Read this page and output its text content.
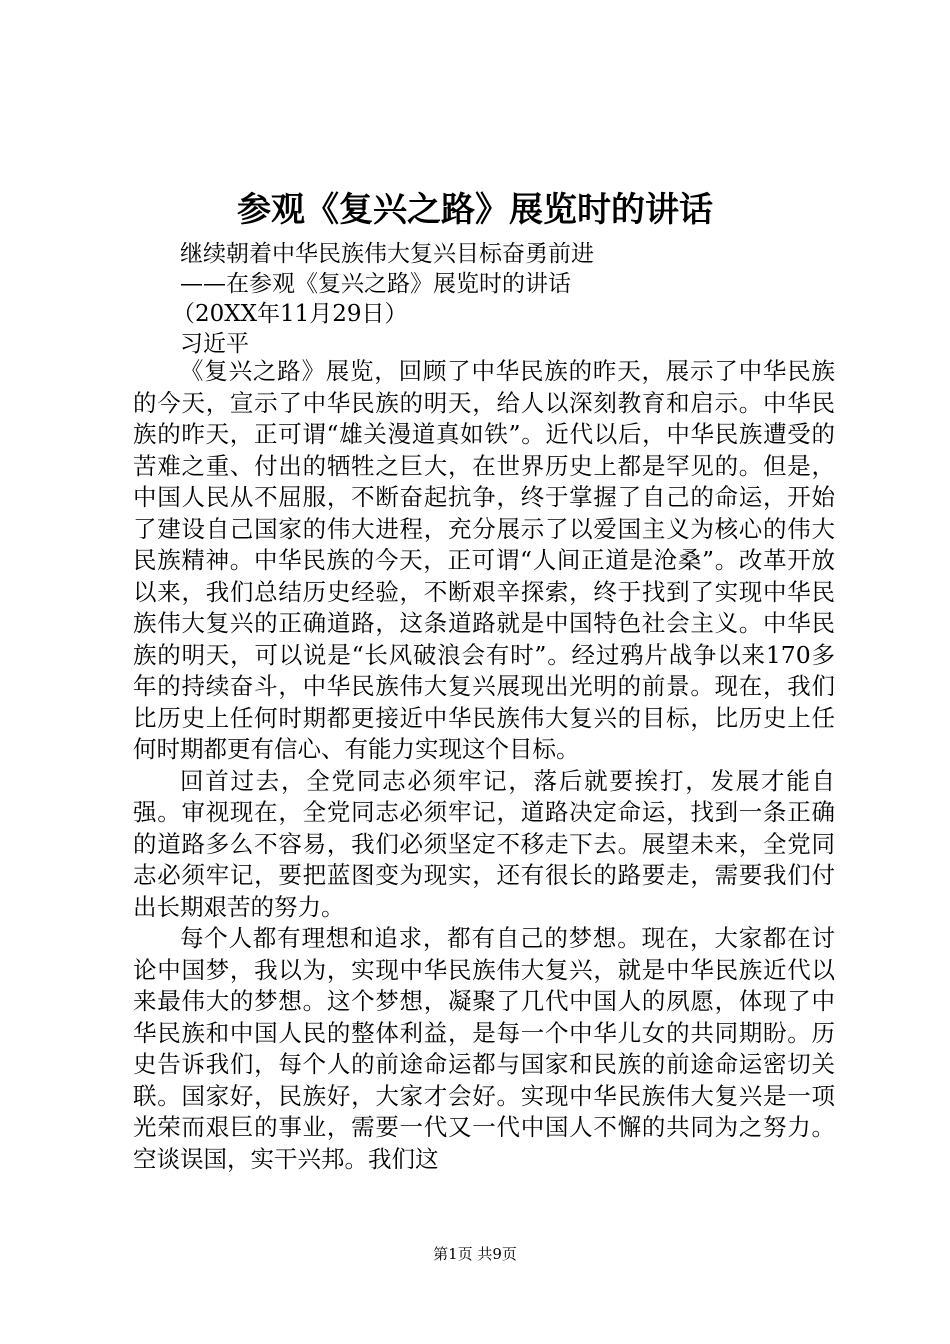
参观《复兴之路》展览时的讲话
继续朝着中华民族伟大复兴目标奋勇前进
——在参观《复兴之路》展览时的讲话
（20XX年11月29日）
习近平

《复兴之路》展览，回顾了中华民族的昨天，展示了中华民族的今天，宣示了中华民族的明天，给人以深刻教育和启示。中华民族的昨天，正可谓“雄关漫道真如铁”。近代以后，中华民族遭受的苦难之重、付出的牺牲之巨大，在世界历史上都是罕见的。但是，中国人民从不屈服，不断奋起抗争，终于掌握了自己的命运，开始了建设自己国家的伟大进程，充分展示了以爱国主义为核心的伟大民族精神。中华民族的今天，正可谓“人间正道是沧桑”。改革开放以来，我们总结历史经验，不断艰辛探索，终于找到了实现中华民族伟大复兴的正确道路，这条道路就是中国特色社会主义。中华民族的明天，可以说是“长风破浪会有时”。经过鸦片战争以来170多年的持续奋斗，中华民族伟大复兴展现出光明的前景。现在，我们比历史上任何时期都更接近中华民族伟大复兴的目标，比历史上任何时期都更有信心、有能力实现这个目标。

回首过去，全党同志必须牢记，落后就要挨打，发展才能自强。审视现在，全党同志必须牢记，道路决定命运，找到一条正确的道路多么不容易，我们必须坚定不移走下去。展望未来，全党同志必须牢记，要把蓝图变为现实，还有很长的路要走，需要我们付出长期艰苦的努力。

每个人都有理想和追求，都有自己的梦想。现在，大家都在讨论中国梦，我以为，实现中华民族伟大复兴，就是中华民族近代以来最伟大的梦想。这个梦想，凝聚了几代中国人的夙愿，体现了中华民族和中国人民的整体利益，是每一个中华儿女的共同期盼。历史告诉我们，每个人的前途命运都与国家和民族的前途命运密切关联。国家好，民族好，大家才会好。实现中华民族伟大复兴是一项光荣而艰巨的事业，需要一代又一代中国人不懈的共同为之努力。空谈误国，实干兴邦。我们这

第1页 共9页
